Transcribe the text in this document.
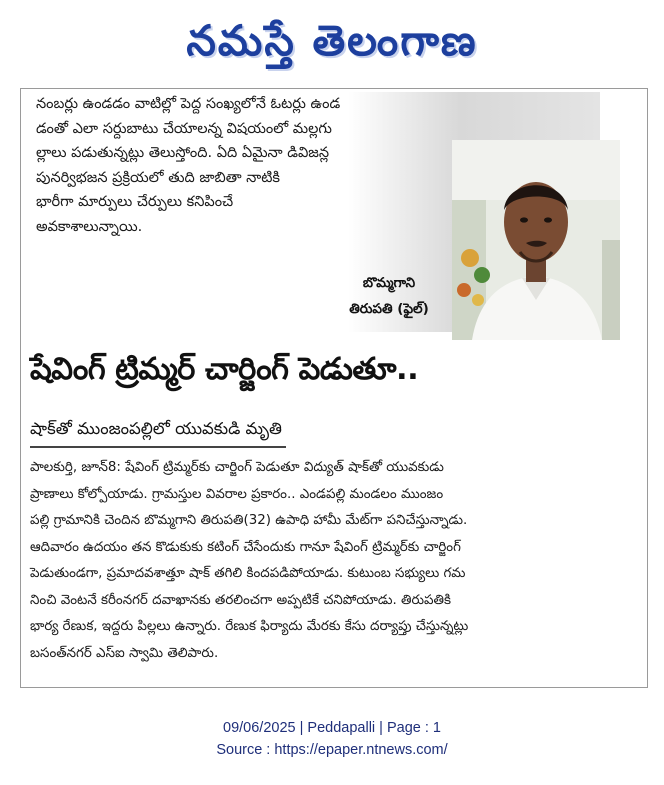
నమస్తే తెలంగాణ
నంబర్లు ఉండడం వాటిల్లో పెద్ద సంఖ్యలోనే ఓటర్లు ఉండ
డంతో ఎలా సర్దుబాటు చేయాలన్న విషయంలో మల్లగు
ల్లాలు పడుతున్నట్లు తెలుస్తోంది. ఏది ఏమైనా డివిజన్ల
పునర్విభజన ప్రక్రియలో తుది జాబితా నాటికి
భారీగా మార్పులు చేర్పులు కనిపించే
అవకాశాలున్నాయి.
బొమ్మగాని
తిరుపతి (ఫైల్)
షేవింగ్ ట్రిమ్మర్ చార్జింగ్ పెడుతూ..
షాక్‌తో ముంజంపల్లిలో యువకుడి మృతి
పాలకుర్తి, జూన్8: షేవింగ్ ట్రిమ్మర్‌కు చార్జింగ్ పెడుతూ విద్యుత్ షాక్‌తో యువకుడు
ప్రాణాలు కోల్పోయాడు. గ్రామస్తుల వివరాల ప్రకారం.. ఎండపల్లి మండలం ముంజం
పల్లి గ్రామానికి చెందిన బొమ్మగాని తిరుపతి(32) ఉపాధి హామీ మేట్‌గా పనిచేస్తున్నాడు.
ఆదివారం ఉదయం తన కొడుకుకు కటింగ్ చేసేందుకు గానూ షేవింగ్ ట్రిమ్మర్‌కు చార్జింగ్
పెడుతుండగా, ప్రమాదవశాత్తూ షాక్ తగిలి కిందపడిపోయాడు. కుటుంబ సభ్యులు గమ
నించి వెంటనే కరీంనగర్ దవాఖానకు తరలించగా అప్పటికే చనిపోయాడు. తిరుపతికి
భార్య రేణుక, ఇద్దరు పిల్లలు ఉన్నారు. రేణుక ఫిర్యాదు మేరకు కేసు దర్యాప్తు చేస్తున్నట్లు
బసంత్‌నగర్ ఎస్ఐ స్వామి తెలిపారు.
09/06/2025 | Peddapalli | Page : 1
Source : https://epaper.ntnews.com/
